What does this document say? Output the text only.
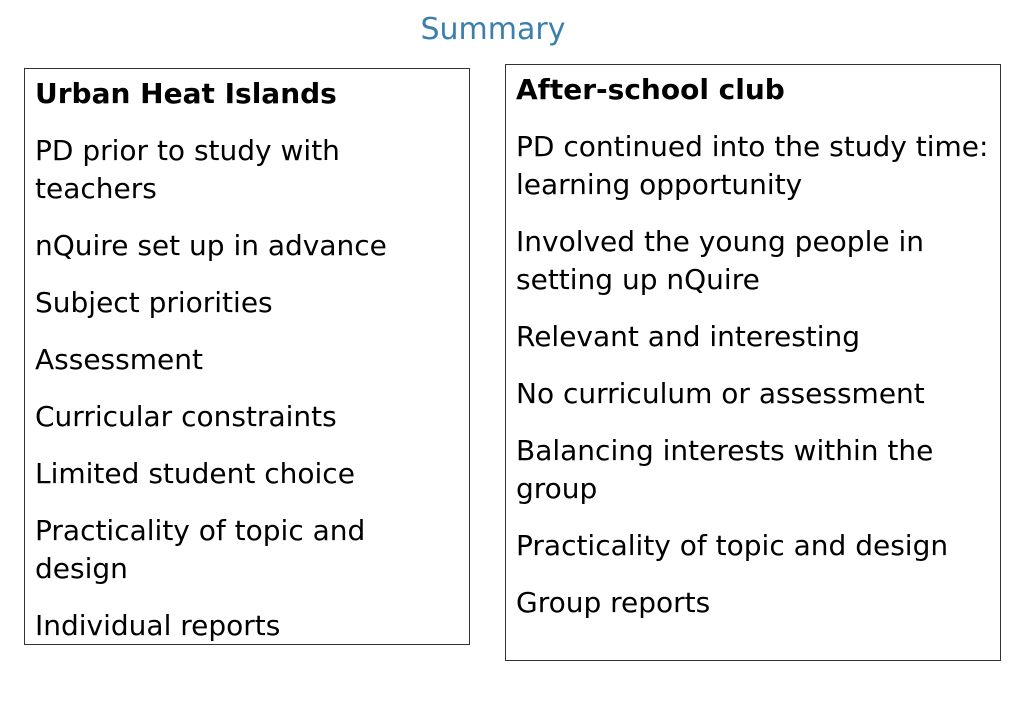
Summary
Urban Heat Islands
PD prior to study with teachers
nQuire set up in advance
Subject priorities
Assessment
Curricular constraints
Limited student choice
Practicality of topic and design
Individual reports
After-school club
PD continued into the study time: learning opportunity
Involved the young people in setting up nQuire
Relevant and interesting
No curriculum or assessment
Balancing interests within the group
Practicality of topic and design
Group reports
